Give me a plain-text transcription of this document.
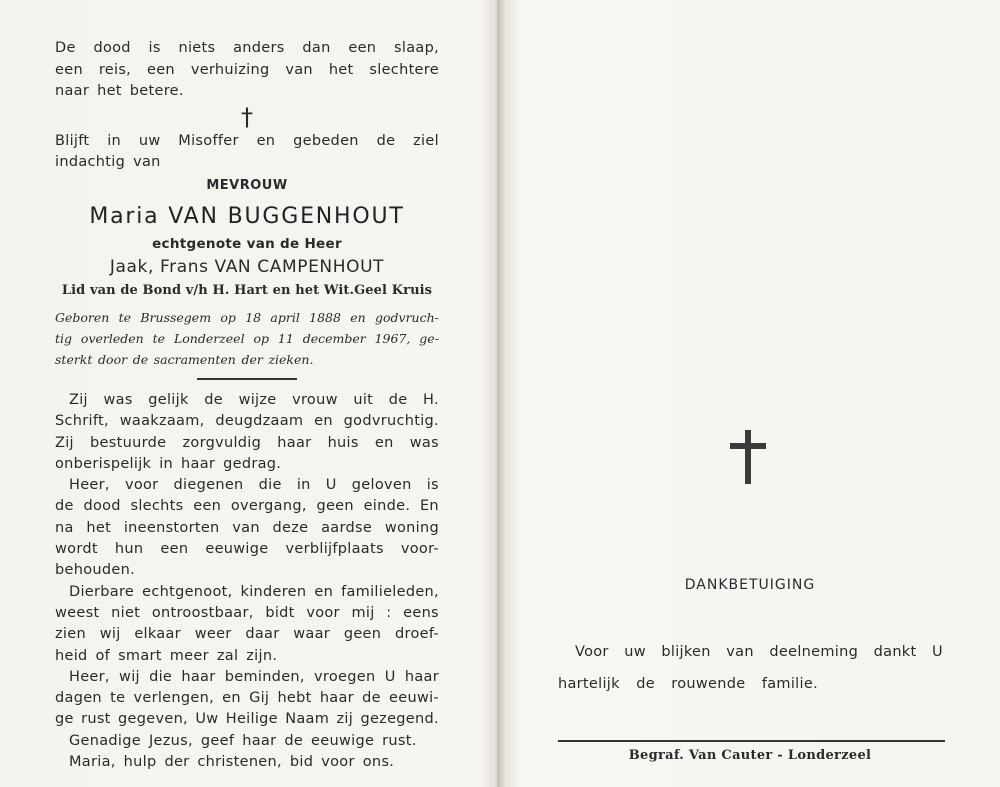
De dood is niets anders dan een slaap,
een reis, een verhuizing van het slechtere
naar het betere.
†
Blijft in uw Misoffer en gebeden de ziel
indachtig van
MEVROUW
Maria VAN BUGGENHOUT
echtgenote van de Heer
Jaak, Frans VAN CAMPENHOUT
Lid van de Bond v/h H. Hart en het Wit.Geel Kruis
Geboren te Brussegem op 18 april 1888 en godvruch-
tig overleden te Londerzeel op 11 december 1967, ge-
sterkt door de sacramenten der zieken.
Zij was gelijk de wijze vrouw uit de H.
Schrift, waakzaam, deugdzaam en godvruchtig.
Zij bestuurde zorgvuldig haar huis en was
onberispelijk in haar gedrag.
Heer, voor diegenen die in U geloven is
de dood slechts een overgang, geen einde. En
na het ineenstorten van deze aardse woning
wordt hun een eeuwige verblijfplaats voor-
behouden.
Dierbare echtgenoot, kinderen en familieleden,
weest niet ontroostbaar, bidt voor mij : eens
zien wij elkaar weer daar waar geen droef-
heid of smart meer zal zijn.
Heer, wij die haar beminden, vroegen U haar
dagen te verlengen, en Gij hebt haar de eeuwi-
ge rust gegeven, Uw Heilige Naam zij gezegend.
Genadige Jezus, geef haar de eeuwige rust.
Maria, hulp der christenen, bid voor ons.
DANKBETUIGING
Voor uw blijken van deelneming dankt U
hartelijk de rouwende familie.
Begraf. Van Cauter - Londerzeel
